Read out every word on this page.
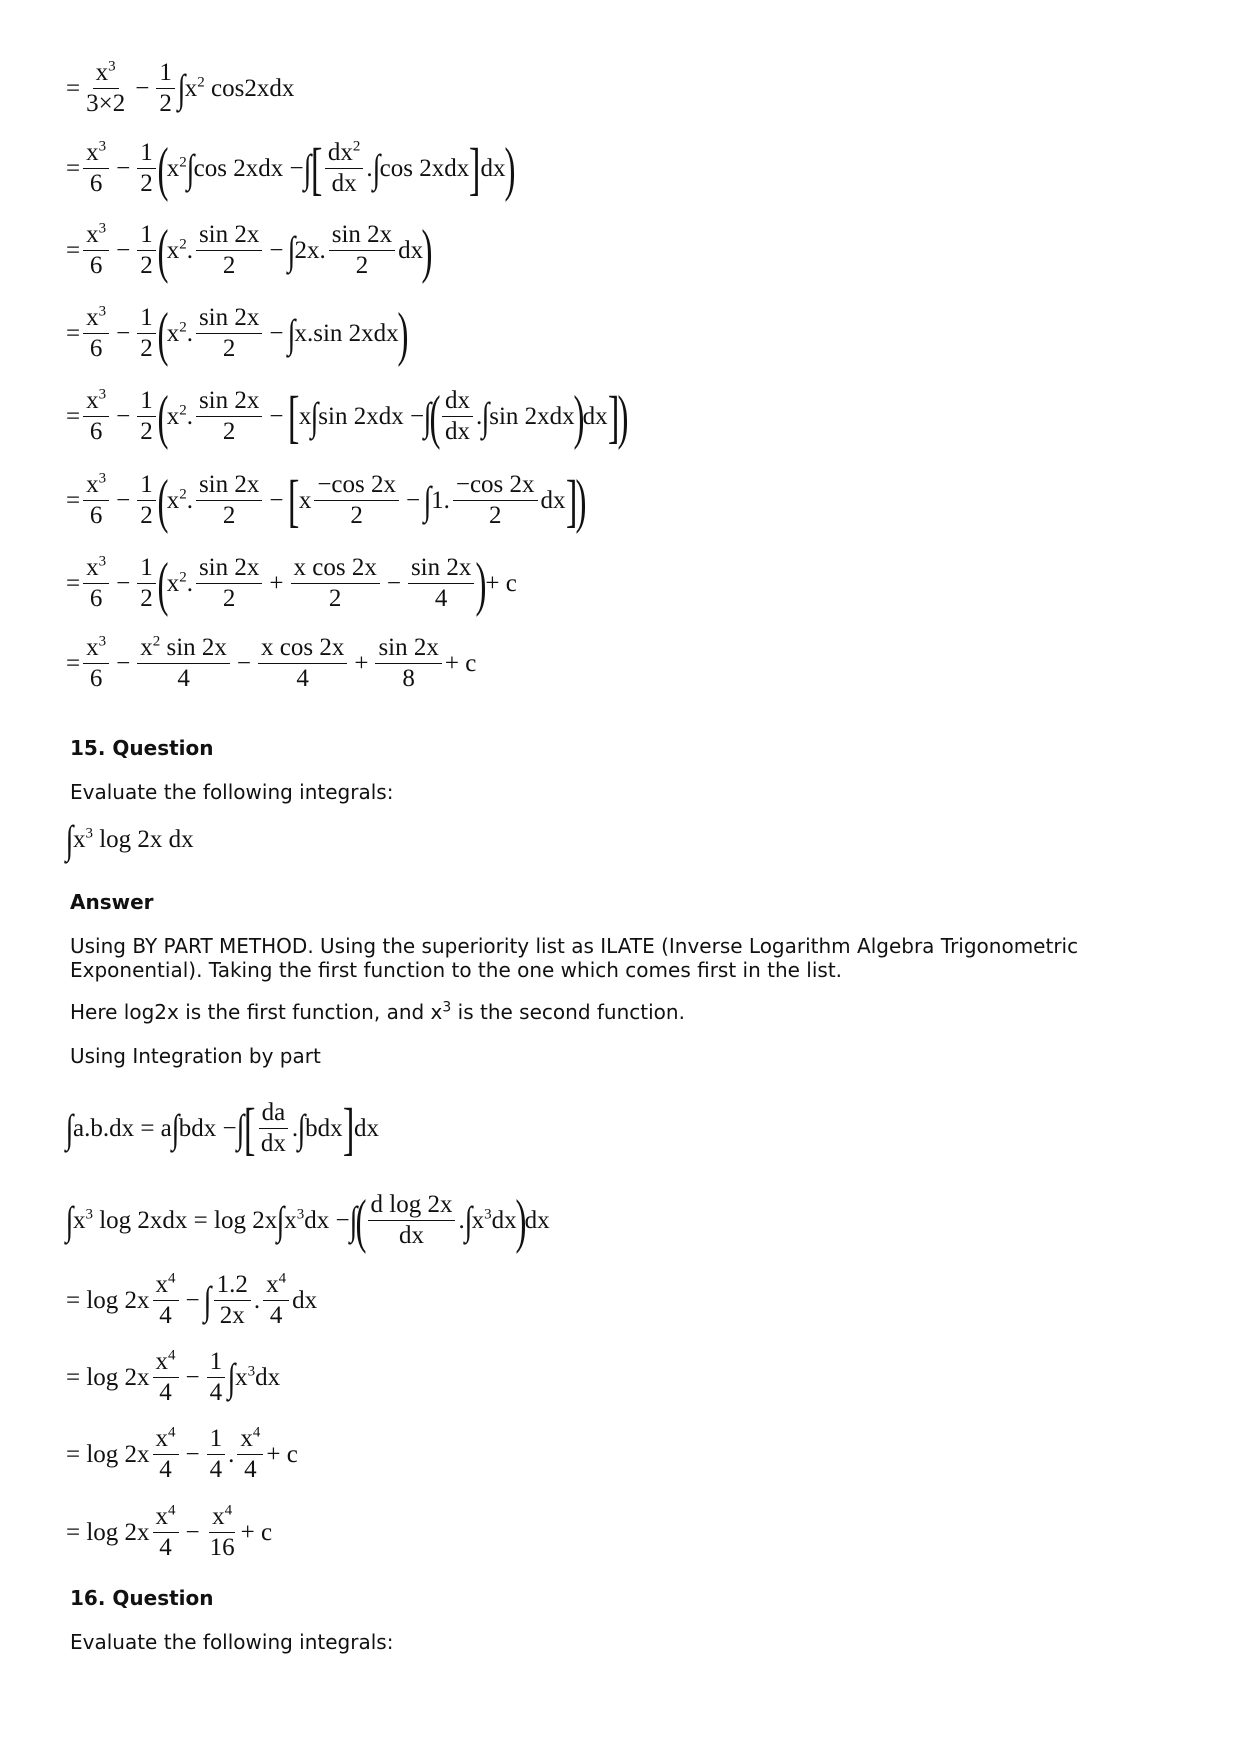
= $\frac{x^3}{3\times 2} - \frac{1}{2}$ ∫ $x^2$ cos2xdx
= $\frac{x^3}{6} - \frac{1}{2}$ (
$x^2$ ∫ cos 2xdx − ∫ [ $\frac{dx^2}{dx}$ . ∫ cos 2xdx ] dx
)
= $\frac{x^3}{6} - \frac{1}{2}$ (
$x^2$. $\frac{\sin 2x}{2}$ − ∫ 2x. $\frac{\sin 2x}{2}$ dx
)
= $\frac{x^3}{6} - \frac{1}{2}$ (
$x^2$. $\frac{\sin 2x}{2}$ − ∫ x.sin 2xdx
)
= $\frac{x^3}{6} - \frac{1}{2}$ (
$x^2$. $\frac{\sin 2x}{2}$ − [ x ∫ sin 2xdx − ∫
( $\frac{dx}{dx}$ . ∫ sin 2xdx
)
dx ]
)
= $\frac{x^3}{6} - \frac{1}{2}$ (
$x^2$. $\frac{\sin 2x}{2}$ − [ x $\frac{-\cos 2x}{2}$ − ∫ 1. $\frac{-\cos 2x}{2}$ dx ]
)
= $\frac{x^3}{6} - \frac{1}{2}$ (
$x^2$. $\frac{\sin 2x}{2} + \frac{\text{x cos 2x}}{2} - \frac{\sin 2x}{4}$ )
+ c
= $\frac{x^3}{6} - \frac{x^2 \sin 2x}{4} - \frac{\text{x cos 2x}}{4} + \frac{\sin 2x}{8} + c$
15. Question
Evaluate the following integrals:
∫ $x^3$ log 2x dx
Answer
Using BY PART METHOD. Using the superiority list as ILATE (Inverse Logarithm Algebra Trigonometric Exponential). Taking the first function to the one which comes first in the list.
Here log2x is the first function, and $x^3$ is the second function.
Using Integration by part
∫ a.b.dx = a ∫ bdx − ∫ [ $\frac{da}{dx}$ . ∫ bdx ] dx
∫ $x^3$ log 2xdx = log 2x ∫ $x^3dx$ − ∫
( $\frac{\text{d log 2x}}{dx}$ . ∫ $x^3dx$
)
dx
= $\log 2x \frac{x^4}{4}$ − ∫ $\frac{1.2}{2x}$ . $\frac{x^4}{4}$ dx
= $\log 2x \frac{x^4}{4} - \frac{1}{4}$ ∫ $x^3dx$
= $\log 2x \frac{x^4}{4} - \frac{1}{4}$ . $\frac{x^4}{4} + c$
= $\log 2x \frac{x^4}{4} - \frac{x^4}{16} + c$
16. Question
Evaluate the following integrals:
